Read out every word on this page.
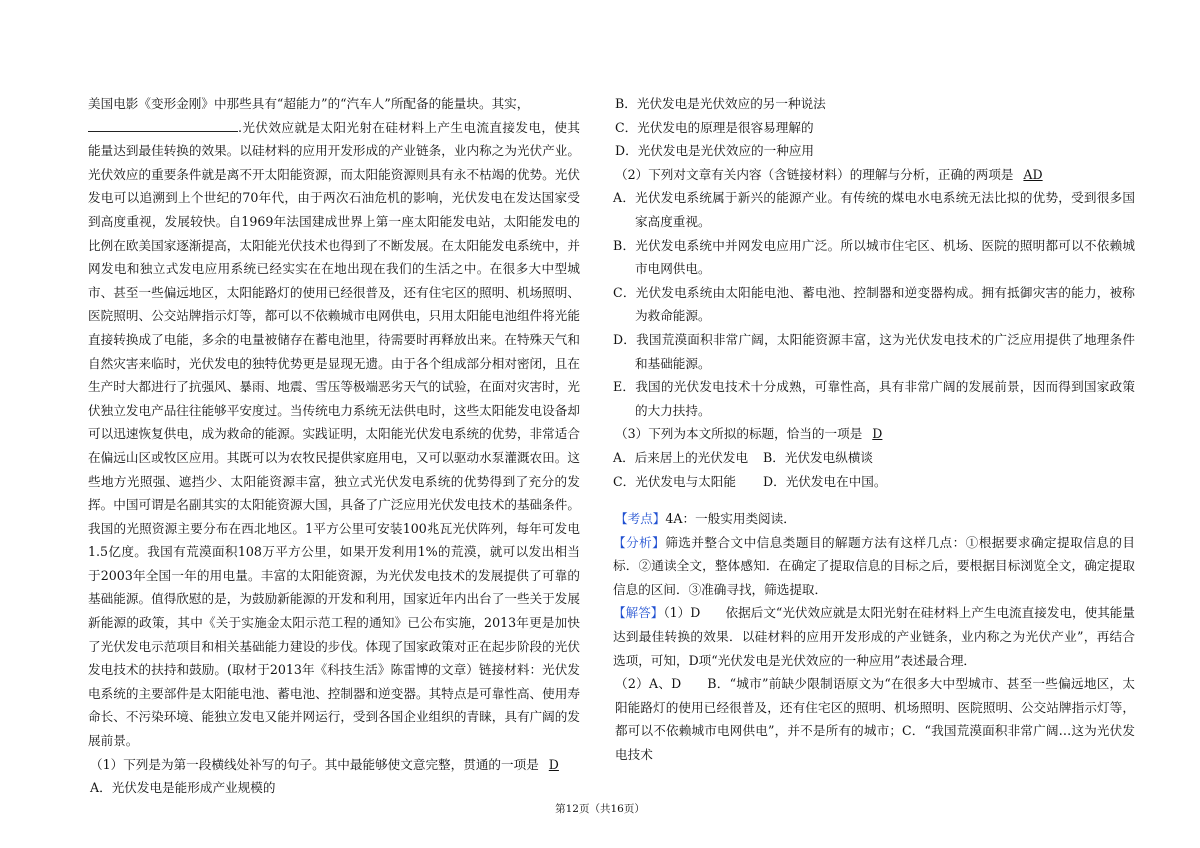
美国电影《变形金刚》中那些具有“超能力”的“汽车人”所配备的能量块。其实，

.光伏效应就是太阳光射在硅材料上产生电流直接发电，使其能量达到最佳转换的效果。以硅材料的应用开发形成的产业链条，业内称之为光伏产业。光伏效应的重要条件就是离不开太阳能资源，而太阳能资源则具有永不枯竭的优势。光伏发电可以追溯到上个世纪的70年代，由于两次石油危机的影响，光伏发电在发达国家受到高度重视，发展较快。自1969年法国建成世界上第一座太阳能发电站，太阳能发电的比例在欧美国家逐渐提高，太阳能光伏技术也得到了不断发展。在太阳能发电系统中，并网发电和独立式发电应用系统已经实实在在地出现在我们的生活之中。在很多大中型城市、甚至一些偏远地区，太阳能路灯的使用已经很普及，还有住宅区的照明、机场照明、医院照明、公交站牌指示灯等，都可以不依赖城市电网供电，只用太阳能电池组件将光能直接转换成了电能，多余的电量被储存在蓄电池里，待需要时再释放出来。在特殊天气和自然灾害来临时，光伏发电的独特优势更是显现无遗。由于各个组成部分相对密闭，且在生产时大都进行了抗强风、暴雨、地震、雪压等极端恶劣天气的试验，在面对灾害时，光伏独立发电产品往往能够平安度过。当传统电力系统无法供电时，这些太阳能发电设备却可以迅速恢复供电，成为救命的能源。实践证明，太阳能光伏发电系统的优势，非常适合在偏远山区或牧区应用。其既可以为农牧民提供家庭用电，又可以驱动水泵灌溉农田。这些地方光照强、遮挡少、太阳能资源丰富，独立式光伏发电系统的优势得到了充分的发挥。中国可谓是名副其实的太阳能资源大国，具备了广泛应用光伏发电技术的基础条件。我国的光照资源主要分布在西北地区。1平方公里可安装100兆瓦光伏阵列，每年可发电1.5亿度。我国有荒漠面积108万平方公里，如果开发利用1%的荒漠，就可以发出相当于2003年全国一年的用电量。丰富的太阳能资源，为光伏发电技术的发展提供了可靠的基础能源。值得欣慰的是，为鼓励新能源的开发和利用，国家近年内出台了一些关于发展新能源的政策，其中《关于实施金太阳示范工程的通知》已公布实施，2013年更是加快了光伏发电示范项目和相关基础能力建设的步伐。体现了国家政策对正在起步阶段的光伏发电技术的扶持和鼓励。(取材于2013年《科技生活》陈雷博的文章）链接材料：光伏发电系统的主要部件是太阳能电池、蓄电池、控制器和逆变器。其特点是可靠性高、使用寿命长、不污染环境、能独立发电又能并网运行，受到各国企业组织的青睐，具有广阔的发展前景。

（1）下列是为第一段横线处补写的句子。其中最能够使文意完整，贯通的一项是 D

A．光伏发电是能形成产业规模的

B．光伏发电是光伏效应的另一种说法

C．光伏发电的原理是很容易理解的

D．光伏发电是光伏效应的一种应用

（2）下列对文章有关内容（含链接材料）的理解与分析，正确的两项是 AD

A．光伏发电系统属于新兴的能源产业。有传统的煤电水电系统无法比拟的优势，受到很多国家高度重视。

B．光伏发电系统中并网发电应用广泛。所以城市住宅区、机场、医院的照明都可以不依赖城市电网供电。

C．光伏发电系统由太阳能电池、蓄电池、控制器和逆变器构成。拥有抵御灾害的能力，被称为救命能源。

D．我国荒漠面积非常广阔，太阳能资源丰富，这为光伏发电技术的广泛应用提供了地理条件和基础能源。

E．我国的光伏发电技术十分成熟，可靠性高，具有非常广阔的发展前景，因而得到国家政策的大力扶持。

（3）下列为本文所拟的标题，恰当的一项是 D

A．后来居上的光伏发电	B．光伏发电纵横谈
C．光伏发电与太阳能	D．光伏发电在中国。

【考点】4A：一般实用类阅读．

【分析】筛选并整合文中信息类题目的解题方法有这样几点：①根据要求确定提取信息的目标．②通读全文，整体感知．在确定了提取信息的目标之后，要根据目标浏览全文，确定提取信息的区间．③准确寻找，筛选提取．

【解答】（1）D　　依据后文“光伏效应就是太阳光射在硅材料上产生电流直接发电，使其能量达到最佳转换的效果．以硅材料的应用开发形成的产业链条，业内称之为光伏产业”，再结合选项，可知，D项“光伏发电是光伏效应的一种应用”表述最合理．

（2）A、D　　B．“城市”前缺少限制语原文为“在很多大中型城市、甚至一些偏远地区，太阳能路灯的使用已经很普及，还有住宅区的照明、机场照明、医院照明、公交站牌指示灯等，都可以不依赖城市电网供电”，并不是所有的城市；C．“我国荒漠面积非常广阔…这为光伏发电技术

第12页（共16页）
